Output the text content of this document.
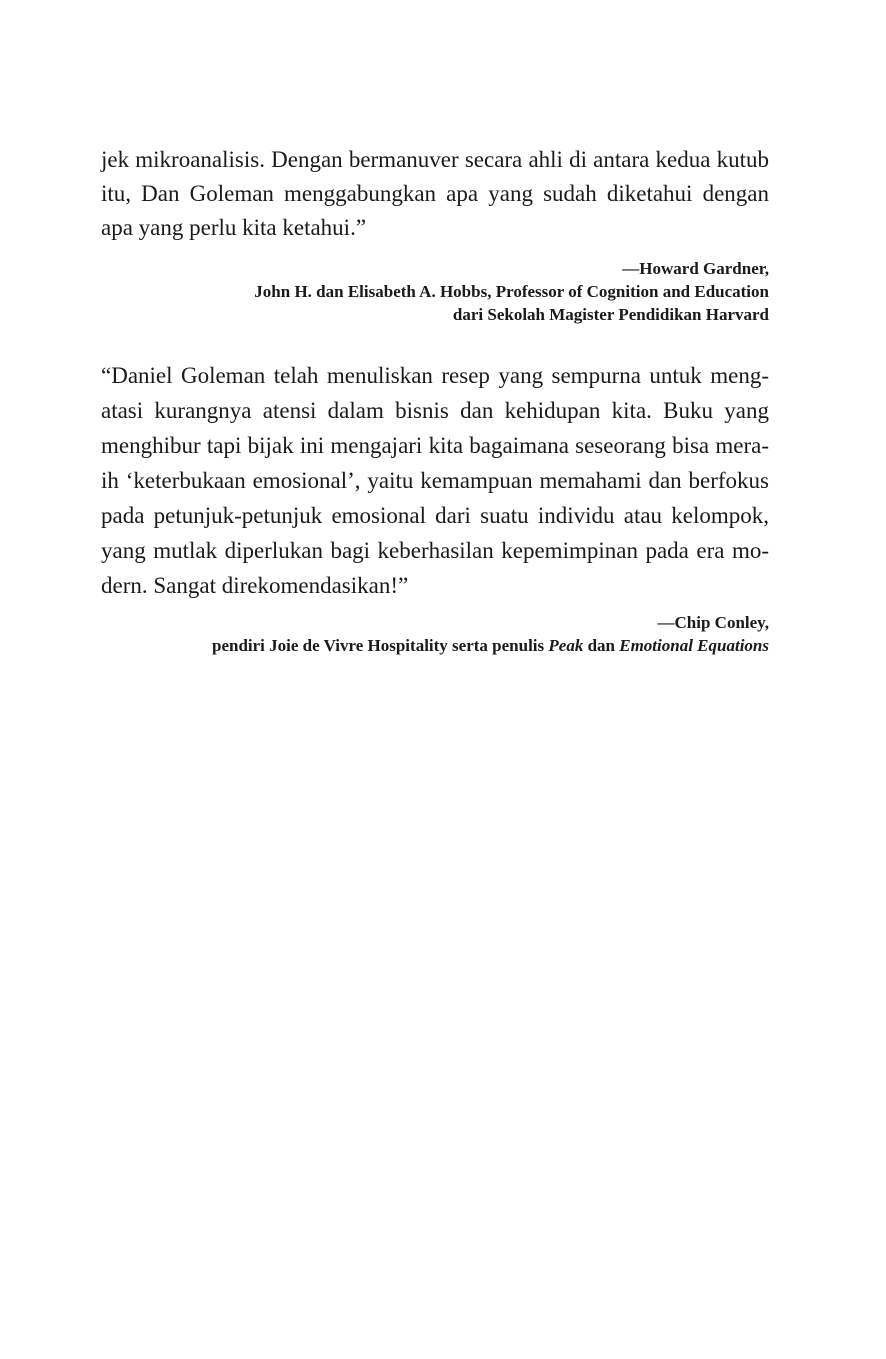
jek mikroanalisis. Dengan bermanuver secara ahli di antara kedua kutub
itu, Dan Goleman menggabungkan apa yang sudah diketahui dengan
apa yang perlu kita ketahui.”
—Howard Gardner,
John H. dan Elisabeth A. Hobbs, Professor of Cognition and Education
dari Sekolah Magister Pendidikan Harvard
“Daniel Goleman telah menuliskan resep yang sempurna untuk meng-
atasi kurangnya atensi dalam bisnis dan kehidupan kita. Buku yang
menghibur tapi bijak ini mengajari kita bagaimana seseorang bisa mera-
ih ‘keterbukaan emosional’, yaitu kemampuan memahami dan berfokus
pada petunjuk-petunjuk emosional dari suatu individu atau kelompok,
yang mutlak diperlukan bagi keberhasilan kepemimpinan pada era mo-
dern. Sangat direkomendasikan!”
—Chip Conley,
pendiri Joie de Vivre Hospitality serta penulis Peak dan Emotional Equations
